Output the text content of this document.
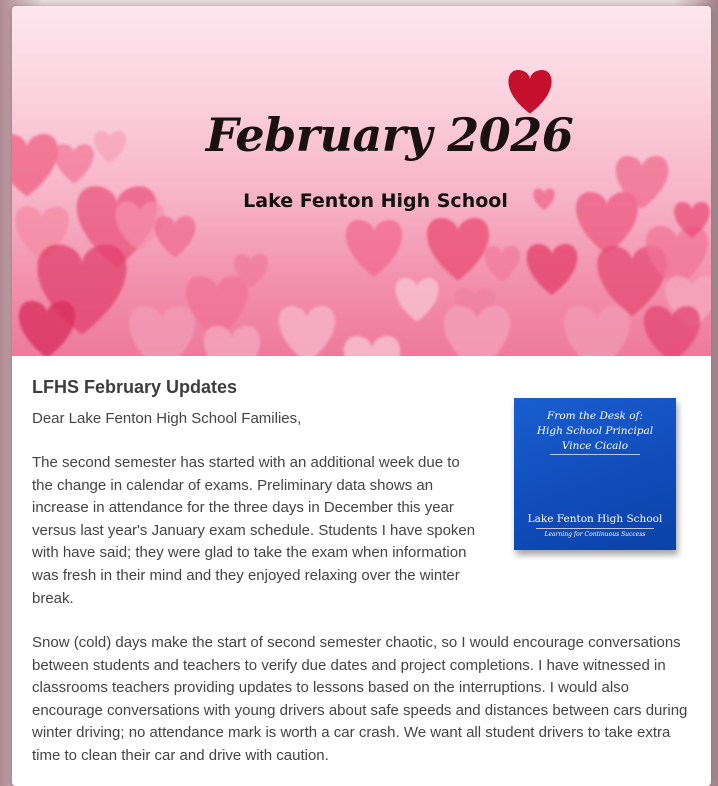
February 2026
Lake Fenton High School
LFHS February Updates

Dear Lake Fenton High School Families,

The second semester has started with an additional week due to the change in calendar of exams. Preliminary data shows an increase in attendance for the three days in December this year versus last year's January exam schedule. Students I have spoken with have said; they were glad to take the exam when information was fresh in their mind and they enjoyed relaxing over the winter break.

From the Desk of:
High School Principal
Vince Cicalo
Lake Fenton High School
Learning for Continuous Success

Snow (cold) days make the start of second semester chaotic, so I would encourage conversations between students and teachers to verify due dates and project completions. I have witnessed in classrooms teachers providing updates to lessons based on the interruptions. I would also encourage conversations with young drivers about safe speeds and distances between cars during winter driving; no attendance mark is worth a car crash. We want all student drivers to take extra time to clean their car and drive with caution.
